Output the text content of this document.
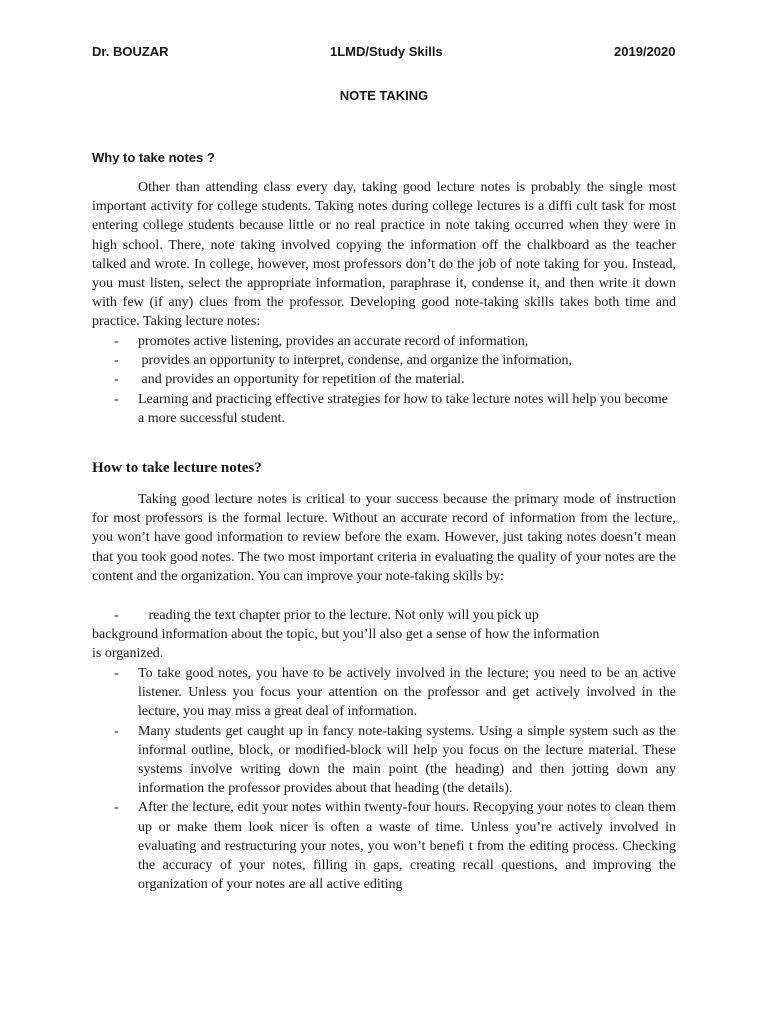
Dr. BOUZAR	1LMD/Study Skills	2019/2020
NOTE TAKING
Why to take notes ?
Other than attending class every day, taking good lecture notes is probably the single most important activity for college students. Taking notes during college lectures is a diffi cult task for most entering college students because little or no real practice in note taking occurred when they were in high school. There, note taking involved copying the information off the chalkboard as the teacher talked and wrote. In college, however, most professors don’t do the job of note taking for you. Instead, you must listen, select the appropriate information, paraphrase it, condense it, and then write it down with few (if any) clues from the professor. Developing good note-taking skills takes both time and practice. Taking lecture notes:
- promotes active listening, provides an accurate record of information,
- provides an opportunity to interpret, condense, and organize the information,
- and provides an opportunity for repetition of the material.
- Learning and practicing effective strategies for how to take lecture notes will help you become a more successful student.
How to take lecture notes?
Taking good lecture notes is critical to your success because the primary mode of instruction for most professors is the formal lecture. Without an accurate record of information from the lecture, you won’t have good information to review before the exam. However, just taking notes doesn’t mean that you took good notes. The two most important criteria in evaluating the quality of your notes are the content and the organization. You can improve your note-taking skills by:
- reading the text chapter prior to the lecture. Not only will you pick up
background information about the topic, but you’ll also get a sense of how the information
is organized.
- To take good notes, you have to be actively involved in the lecture; you need to be an active listener. Unless you focus your attention on the professor and get actively involved in the lecture, you may miss a great deal of information.
- Many students get caught up in fancy note-taking systems. Using a simple system such as the informal outline, block, or modified-block will help you focus on the lecture material. These systems involve writing down the main point (the heading) and then jotting down any information the professor provides about that heading (the details).
- After the lecture, edit your notes within twenty-four hours. Recopying your notes to clean them up or make them look nicer is often a waste of time. Unless you’re actively involved in evaluating and restructuring your notes, you won’t benefi t from the editing process. Checking the accuracy of your notes, filling in gaps, creating recall questions, and improving the organization of your notes are all active editing
